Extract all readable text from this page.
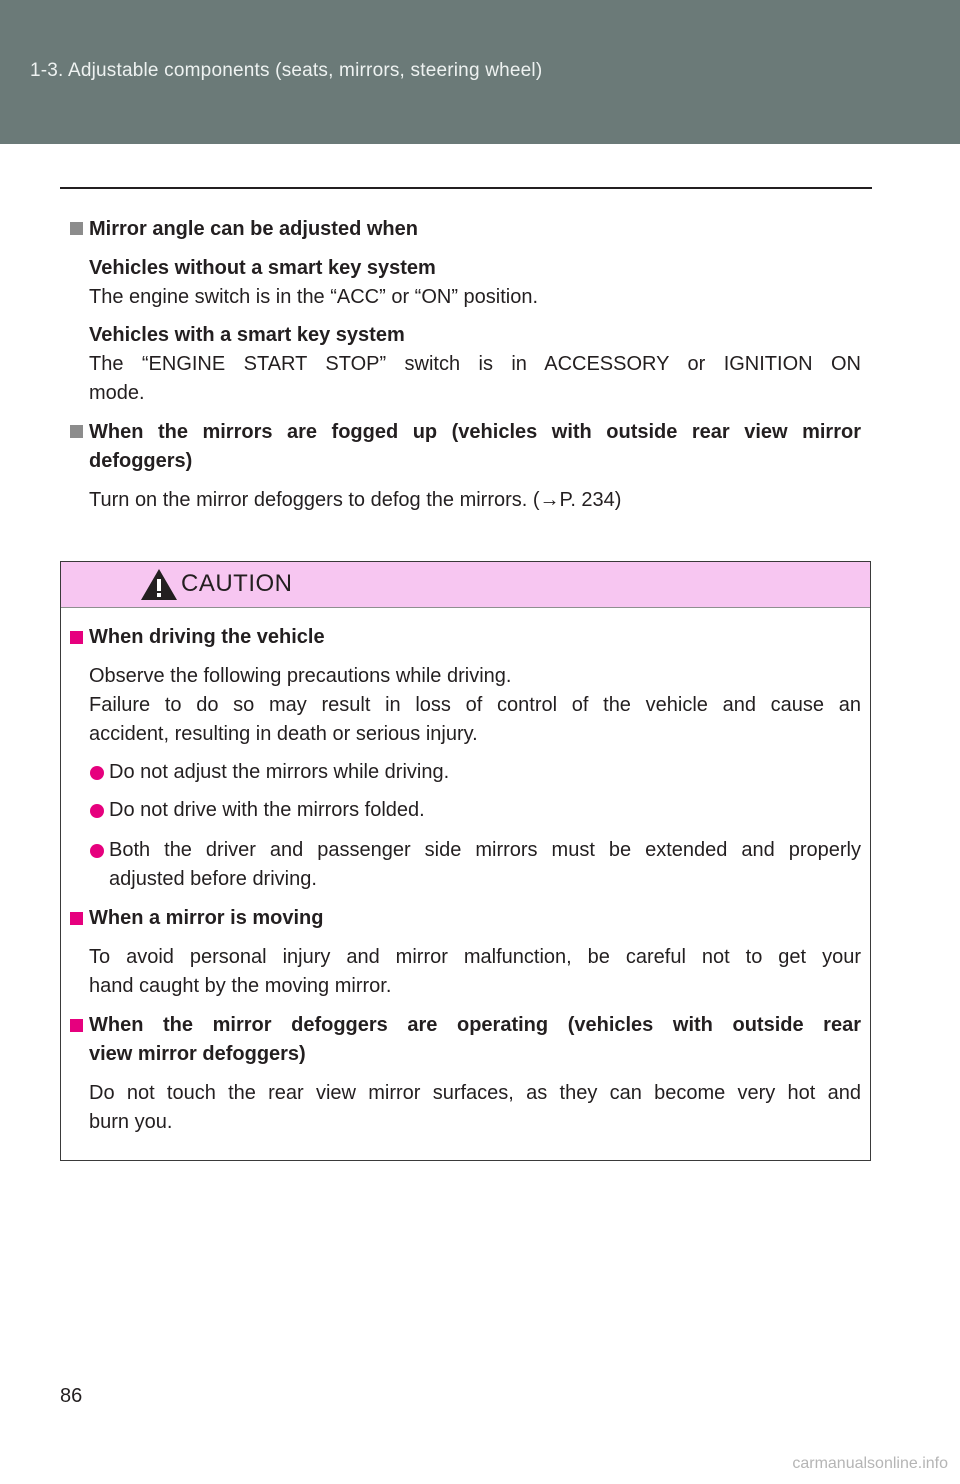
1-3. Adjustable components (seats, mirrors, steering wheel)
Mirror angle can be adjusted when
Vehicles without a smart key system
The engine switch is in the “ACC” or “ON” position.
Vehicles with a smart key system
The “ENGINE START STOP” switch is in ACCESSORY or IGNITION ON
mode.
When the mirrors are fogged up (vehicles with outside rear view mirror
defoggers)
Turn on the mirror defoggers to defog the mirrors. (→P. 234)
CAUTION
When driving the vehicle
Observe the following precautions while driving.
Failure to do so may result in loss of control of the vehicle and cause an
accident, resulting in death or serious injury.
Do not adjust the mirrors while driving.
Do not drive with the mirrors folded.
Both the driver and passenger side mirrors must be extended and properly
adjusted before driving.
When a mirror is moving
To avoid personal injury and mirror malfunction, be careful not to get your
hand caught by the moving mirror.
When the mirror defoggers are operating (vehicles with outside rear
view mirror defoggers)
Do not touch the rear view mirror surfaces, as they can become very hot and
burn you.
86
carmanualsonline.info
